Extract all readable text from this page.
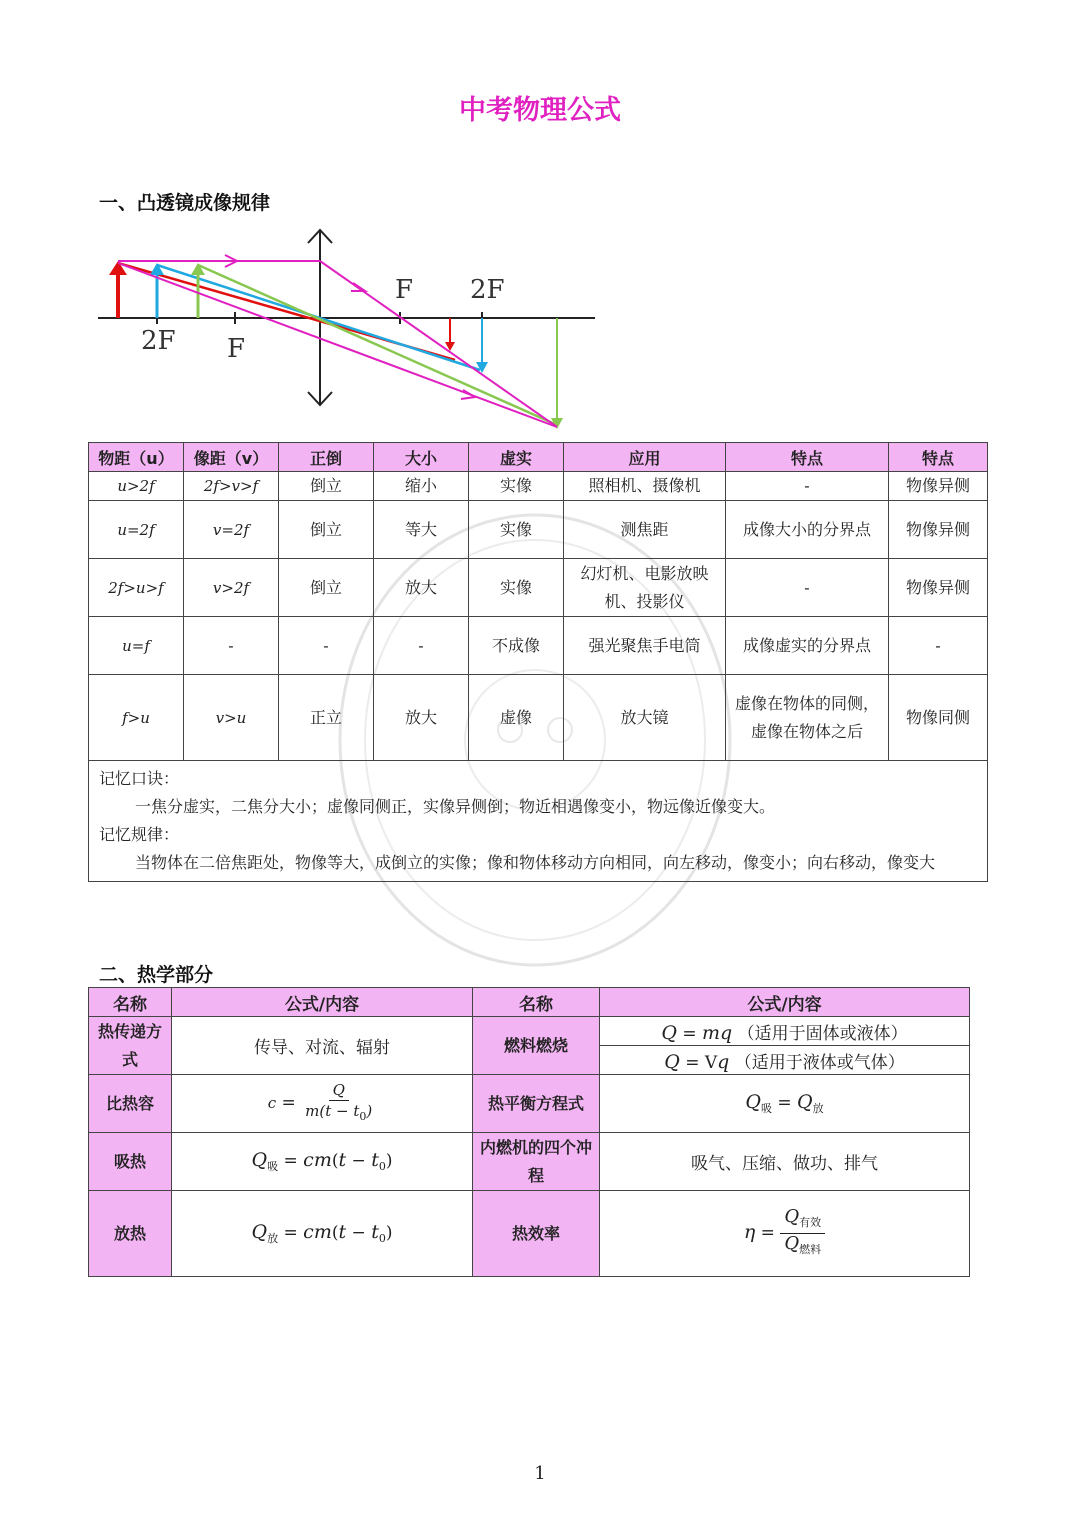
中考物理公式
一、凸透镜成像规律
F 2F
2F F
物距（u）	像距（v）	正倒	大小	虚实	应用	特点	特点
u>2f	2f>v>f	倒立	缩小	实像	照相机、摄像机	-	物像异侧
u=2f	v=2f	倒立	等大	实像	测焦距	成像大小的分界点	物像异侧
2f>u>f	v>2f	倒立	放大	实像	幻灯机、电影放映机、投影仪	-	物像异侧
u=f	-	-	-	不成像	强光聚焦手电筒	成像虚实的分界点	-
f>u	v>u	正立	放大	虚像	放大镜	虚像在物体的同侧，虚像在物体之后	物像同侧

记忆口诀：
一焦分虚实，二焦分大小；虚像同侧正，实像异侧倒；物近相遇像变小，物远像近像变大。
记忆规律：
当物体在二倍焦距处，物像等大，成倒立的实像；像和物体移动方向相同，向左移动，像变小；向右移动，像变大							
二、热学部分
名称	公式/内容	名称	公式/内容
热传递方式	传导、对流、辐射	燃料燃烧	Q = mq （适用于固体或液体）
			Q = Vq （适用于液体或气体）
比热容	$c = \frac{Q}{m(t - t_0)}$	热平衡方程式	$Q_吸 = Q_放$
吸热	$Q_吸 = cm(t - t_0)$	内燃机的四个冲程	吸气、压缩、做功、排气
放热	$Q_放 = cm(t - t_0)$	热效率	$\eta = \frac{Q_{有效}}{Q_{燃料}}$
1
